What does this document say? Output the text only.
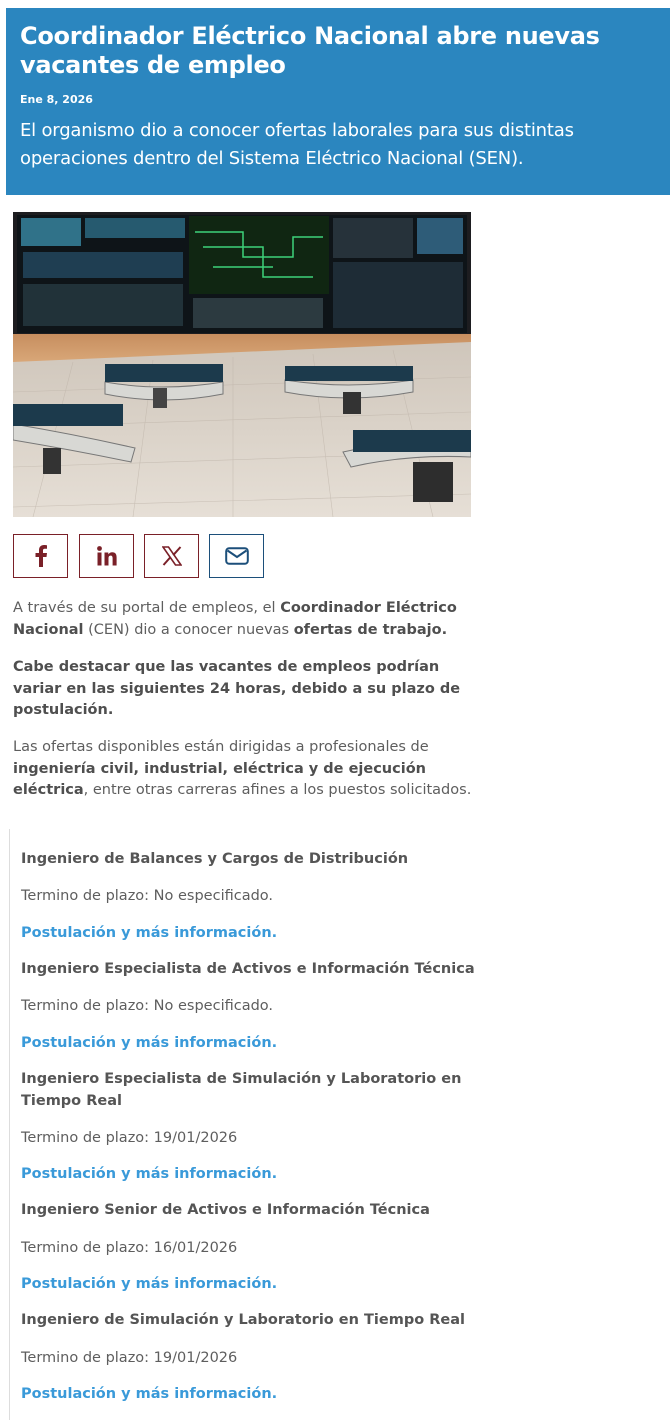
Coordinador Eléctrico Nacional abre nuevas vacantes de empleo
Ene 8, 2026

El organismo dio a conocer ofertas laborales para sus distintas operaciones dentro del Sistema Eléctrico Nacional (SEN).

A través de su portal de empleos, el Coordinador Eléctrico Nacional (CEN) dio a conocer nuevas ofertas de trabajo.

Cabe destacar que las vacantes de empleos podrían variar en las siguientes 24 horas, debido a su plazo de postulación.

Las ofertas disponibles están dirigidas a profesionales de ingeniería civil, industrial, eléctrica y de ejecución eléctrica, entre otras carreras afines a los puestos solicitados.

Ingeniero de Balances y Cargos de Distribución

Termino de plazo: No especificado.

Postulación y más información.
Ingeniero Especialista de Activos e Información Técnica

Termino de plazo: No especificado.

Postulación y más información.
Ingeniero Especialista de Simulación y Laboratorio en Tiempo Real

Termino de plazo: 19/01/2026

Postulación y más información.
Ingeniero Senior de Activos e Información Técnica

Termino de plazo: 16/01/2026

Postulación y más información.
Ingeniero de Simulación y Laboratorio en Tiempo Real

Termino de plazo: 19/01/2026

Postulación y más información.
